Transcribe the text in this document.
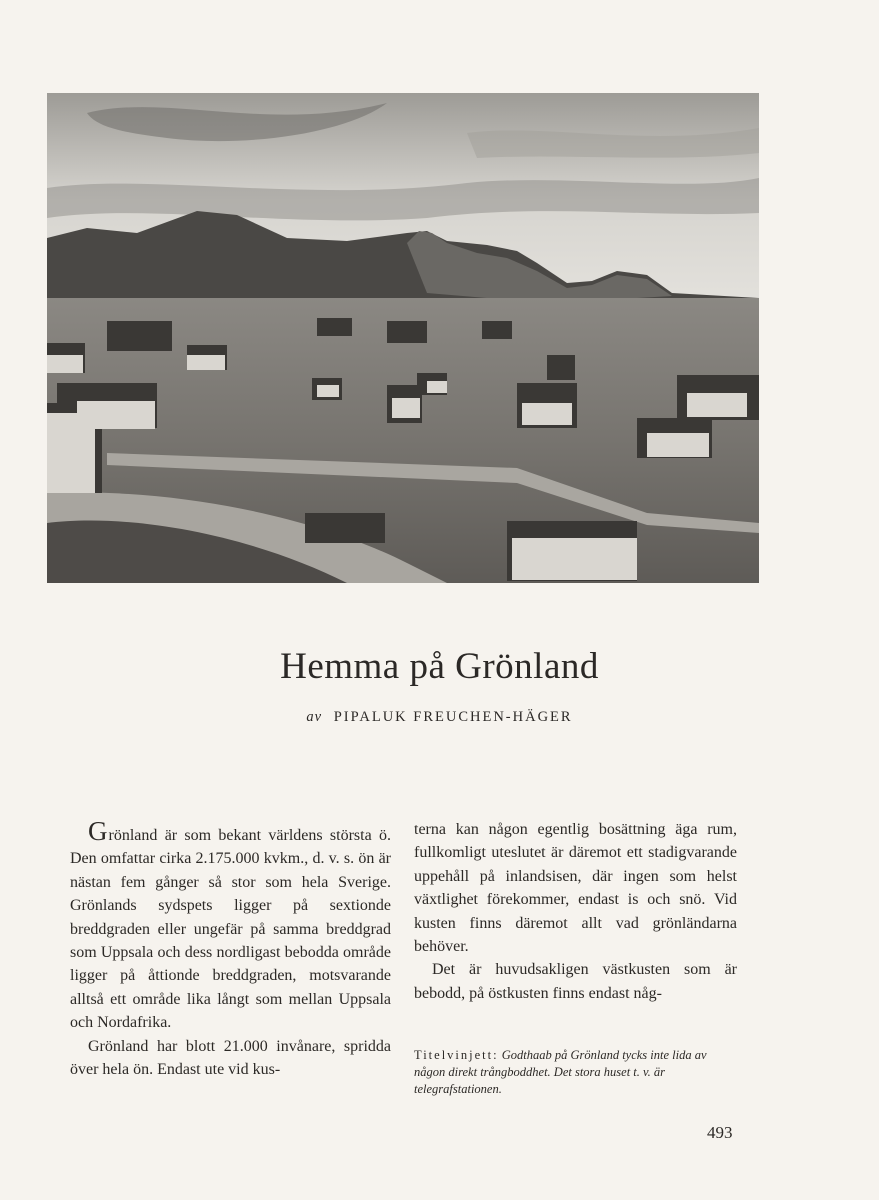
Hemma på Grönland
av PIPALUK FREUCHEN-HÄGER

Grönland är som bekant världens största ö. Den omfattar cirka 2.175.000 kvkm., d. v. s. ön är nästan fem gånger så stor som hela Sverige. Grönlands sydspets ligger på sextionde breddgraden eller ungefär på samma breddgrad som Uppsala och dess nordligast bebodda område ligger på åttionde breddgraden, motsvarande alltså ett område lika långt som mellan Uppsala och Nordafrika.

Grönland har blott 21.000 invånare, spridda över hela ön. Endast ute vid kus-

terna kan någon egentlig bosättning äga rum, fullkomligt uteslutet är däremot ett stadigvarande uppehåll på inlandsisen, där ingen som helst växtlighet förekommer, endast is och snö. Vid kusten finns däremot allt vad grönländarna behöver.

Det är huvudsakligen västkusten som är bebodd, på östkusten finns endast någ-

Titelvinjett: Godthaab på Grönland tycks inte lida av någon direkt trångboddhet. Det stora huset t. v. är telegrafstationen.
493
